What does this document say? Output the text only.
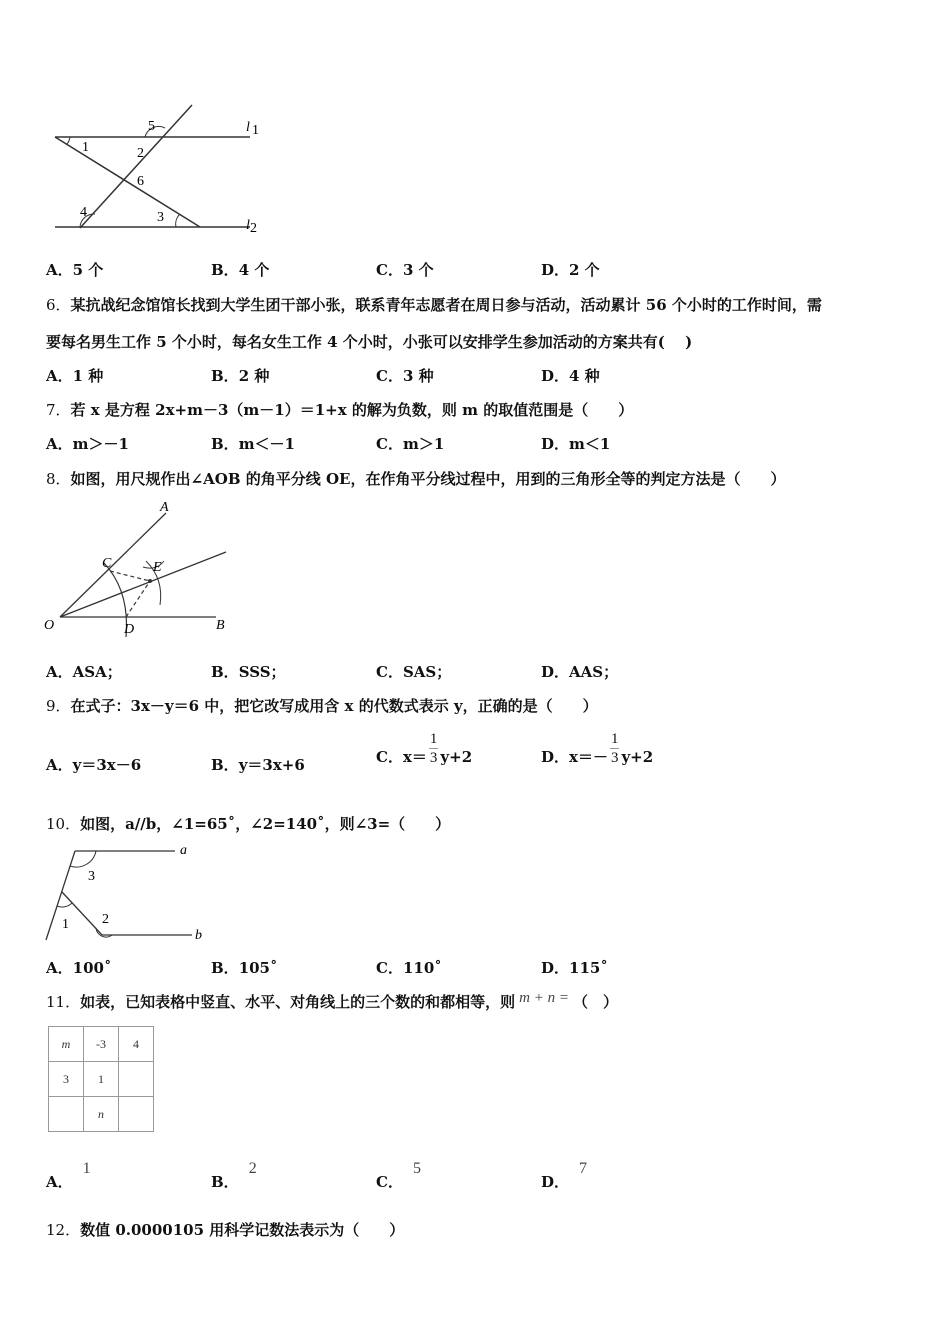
5	l 1
1	2
6
4	3
l 2
A．5 个	B．4 个	C．3 个	D．2 个
6．某抗战纪念馆馆长找到大学生团干部小张，联系青年志愿者在周日参与活动，活动累计 56 个小时的工作时间，需
要每名男生工作 5 个小时，每名女生工作 4 个小时，小张可以安排学生参加活动的方案共有(　 )
A．1 种	B．2 种	C．3 种	D．4 种
7．若 x 是方程 2x+m－3（m－1）＝1+x 的解为负数，则 m 的取值范围是（　　）
A．m＞－1	B．m＜－1	C．m＞1	D．m＜1
8．如图，用尺规作出∠AOB 的角平分线 OE，在作角平分线过程中，用到的三角形全等的判定方法是（　　）
A
C	E
O	D	B
A．ASA；	B．SSS；	C．SAS；	D．AAS；
9．在式子：3x－y＝6 中，把它改写成用含 x 的代数式表示 y，正确的是（　　）
A．y＝3x－6	B．y＝3x+6	C．$x= \frac{1}{3} y+2$	D．$x=- \frac{1}{3} y+2$
10．如图，a//b，∠1=65˚，∠2=140˚，则∠3=（　　）
a
b
1 2
3
A．100˚	B．105˚	C．110˚	D．115˚
11．如表，已知表格中竖直、水平、对角线上的三个数的和都相等，则 m + n = （　）
m	-3	4
3	1	
	n	
A．1
B．2
C．5
D．7
12．数值 0.0000105 用科学记数法表示为（　　）
